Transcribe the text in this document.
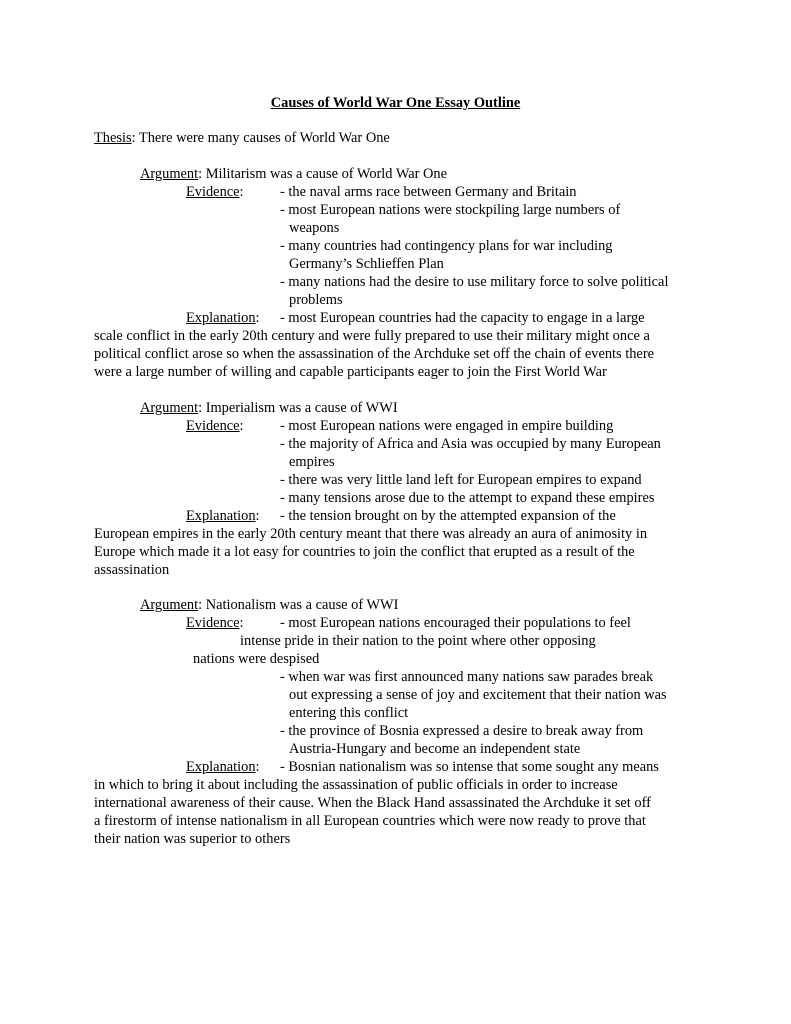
Causes of World War One Essay Outline
Thesis: There were many causes of World War One
Argument: Militarism was a cause of World War One
Evidence:	- the naval arms race between Germany and Britain
- most European nations were stockpiling large numbers of
weapons
- many countries had contingency plans for war including
Germany’s Schlieffen Plan
- many nations had the desire to use military force to solve political
problems
Explanation: - most European countries had the capacity to engage in a large
scale conflict in the early 20th century and were fully prepared to use their military might once a
political conflict arose so when the assassination of the Archduke set off the chain of events there
were a large number of willing and capable participants eager to join the First World War
Argument: Imperialism was a cause of WWI
Evidence:	- most European nations were engaged in empire building
- the majority of Africa and Asia was occupied by many European
empires
- there was very little land left for European empires to expand
- many tensions arose due to the attempt to expand these empires
Explanation: - the tension brought on by the attempted expansion of the
European empires in the early 20th century meant that there was already an aura of animosity in
Europe which made it a lot easy for countries to join the conflict that erupted as a result of the
assassination
Argument: Nationalism was a cause of WWI
Evidence:	- most European nations encouraged their populations to feel
intense pride in their nation to the point where other opposing
nations were despised
- when war was first announced many nations saw parades break
out expressing a sense of joy and excitement that their nation was
entering this conflict
- the province of Bosnia expressed a desire to break away from
Austria-Hungary and become an independent state
Explanation: - Bosnian nationalism was so intense that some sought any means
in which to bring it about including the assassination of public officials in order to increase
international awareness of their cause. When the Black Hand assassinated the Archduke it set off
a firestorm of intense nationalism in all European countries which were now ready to prove that
their nation was superior to others
